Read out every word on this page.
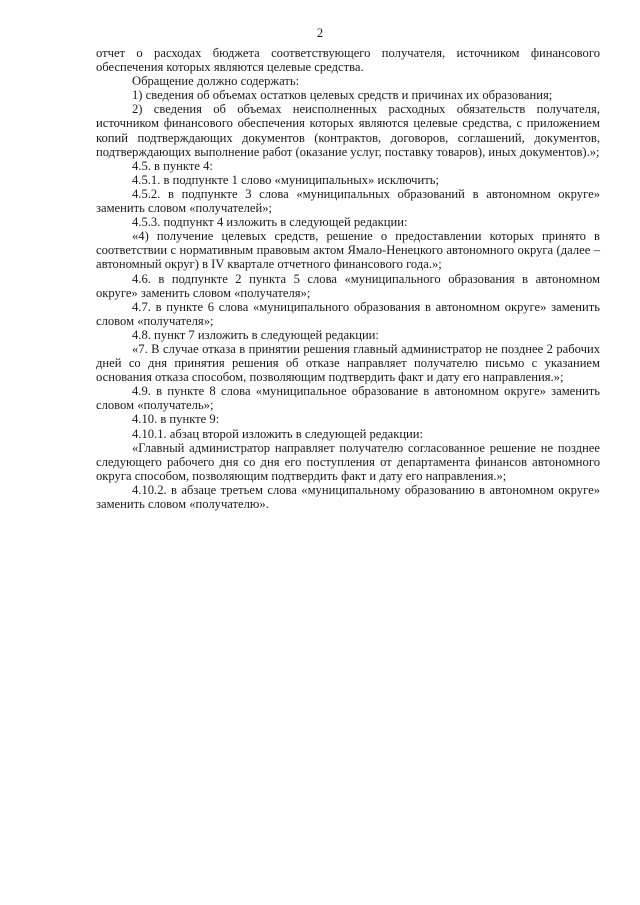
2

отчет о расходах бюджета соответствующего получателя, источником финансового обеспечения которых являются целевые средства.

Обращение должно содержать:

1) сведения об объемах остатков целевых средств и причинах их образования;

2) сведения об объемах неисполненных расходных обязательств получателя, источником финансового обеспечения которых являются целевые средства, с приложением копий подтверждающих документов (контрактов, договоров, соглашений, документов, подтверждающих выполнение работ (оказание услуг, поставку товаров), иных документов).»;

4.5. в пункте 4:

4.5.1. в подпункте 1 слово «муниципальных» исключить;

4.5.2. в подпункте 3 слова «муниципальных образований в автономном округе» заменить словом «получателей»;

4.5.3. подпункт 4 изложить в следующей редакции:

«4) получение целевых средств, решение о предоставлении которых принято в соответствии с нормативным правовым актом Ямало-Ненецкого автономного округа (далее – автономный округ) в IV квартале отчетного финансового года.»;

4.6. в подпункте 2 пункта 5 слова «муниципального образования в автономном округе» заменить словом «получателя»;

4.7. в пункте 6 слова «муниципального образования в автономном округе» заменить словом «получателя»;

4.8. пункт 7 изложить в следующей редакции:

«7. В случае отказа в принятии решения главный администратор не позднее 2 рабочих дней со дня принятия решения об отказе направляет получателю письмо с указанием основания отказа способом, позволяющим подтвердить факт и дату его направления.»;

4.9. в пункте 8 слова «муниципальное образование в автономном округе» заменить словом «получатель»;

4.10. в пункте 9:

4.10.1. абзац второй изложить в следующей редакции:

«Главный администратор направляет получателю согласованное решение не позднее следующего рабочего дня со дня его поступления от департамента финансов автономного округа способом, позволяющим подтвердить факт и дату его направления.»;

4.10.2. в абзаце третьем слова «муниципальному образованию в автономном округе» заменить словом «получателю».
